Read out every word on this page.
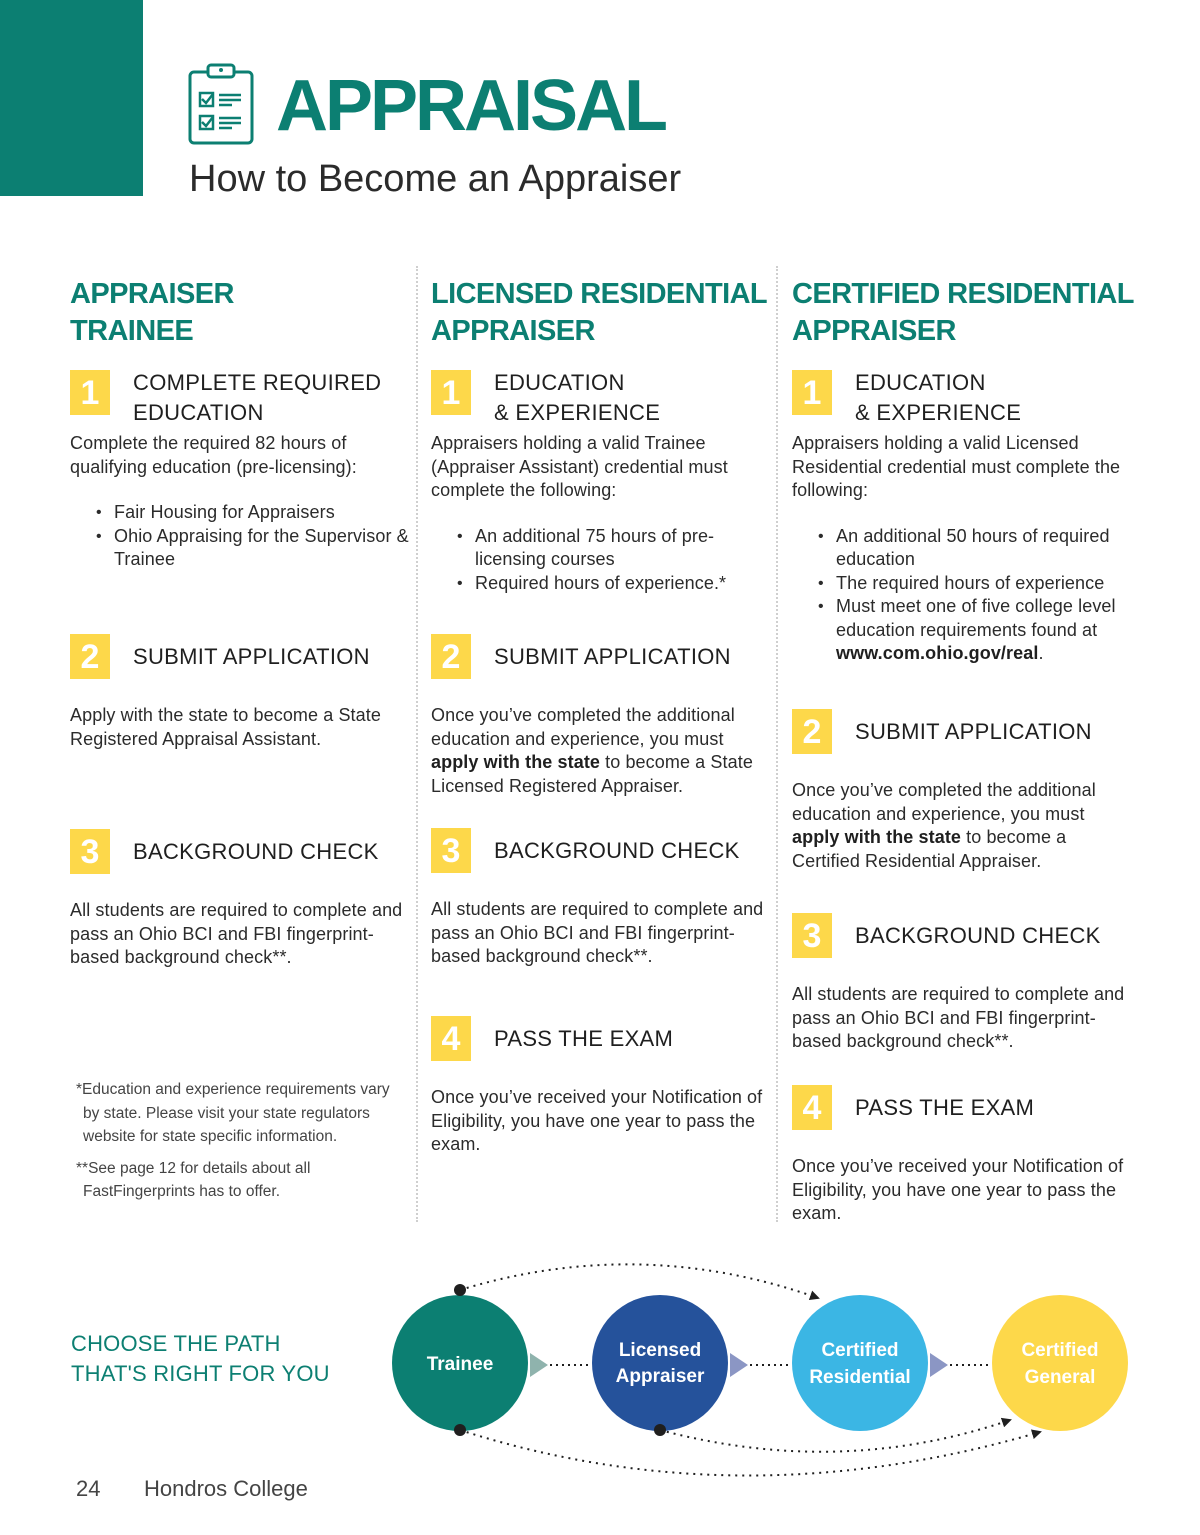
APPRAISAL
How to Become an Appraiser
APPRAISER
TRAINEE
1	COMPLETE REQUIRED
EDUCATION
Complete the required 82 hours of qualifying education (pre-licensing):
• Fair Housing for Appraisers
• Ohio Appraising for the Supervisor & Trainee
2	SUBMIT APPLICATION
Apply with the state to become a State Registered Appraisal Assistant.
3	BACKGROUND CHECK
All students are required to complete and pass an Ohio BCI and FBI fingerprint-based background check**.
LICENSED RESIDENTIAL
APPRAISER
1	EDUCATION
& EXPERIENCE
Appraisers holding a valid Trainee (Appraiser Assistant) credential must complete the following:
• An additional 75 hours of pre-licensing courses
• Required hours of experience.*
2	SUBMIT APPLICATION
Once you’ve completed the additional education and experience, you must apply with the state to become a State Licensed Registered Appraiser.
3	BACKGROUND CHECK
All students are required to complete and pass an Ohio BCI and FBI fingerprint-based background check**.
4	PASS THE EXAM
Once you’ve received your Notification of Eligibility, you have one year to pass the exam.
CERTIFIED RESIDENTIAL
APPRAISER
1	EDUCATION
& EXPERIENCE
Appraisers holding a valid Licensed Residential credential must complete the following:
• An additional 50 hours of required education
• The required hours of experience
• Must meet one of five college level education requirements found at www.com.ohio.gov/real.
2	SUBMIT APPLICATION
Once you’ve completed the additional education and experience, you must apply with the state to become a Certified Residential Appraiser.
3	BACKGROUND CHECK
All students are required to complete and pass an Ohio BCI and FBI fingerprint-based background check**.
4	PASS THE EXAM
Once you’ve received your Notification of Eligibility, you have one year to pass the exam.

*Education and experience requirements vary by state. Please visit your state regulators website for state specific information.

**See page 12 for details about all FastFingerprints has to offer.

CHOOSE THE PATH
THAT'S RIGHT FOR YOU	Trainee
Licensed
Appraiser
Certified
Residential
Certified
General
24 Hondros College
